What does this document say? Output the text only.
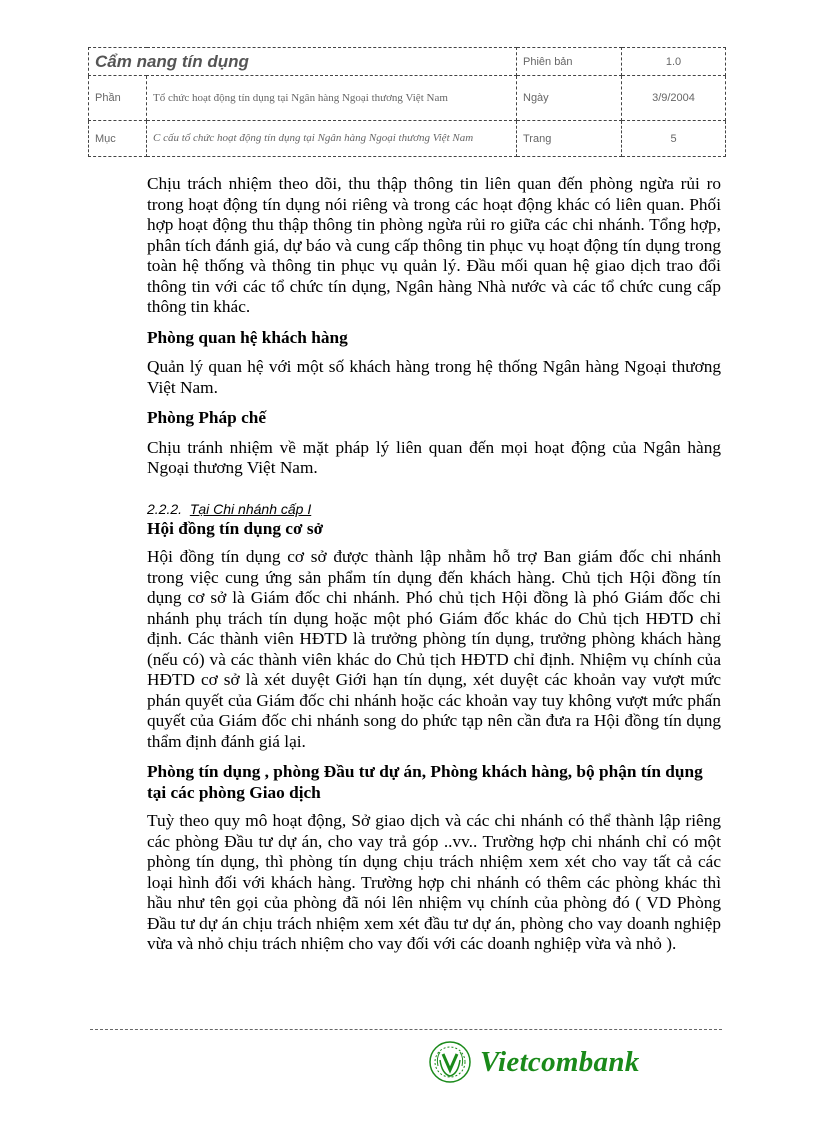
Cẩm nang tín dụng		Phiên bản	1.0
Phần	Tổ chức hoạt động tín dụng tại Ngân hàng Ngoại thương Việt Nam	Ngày	3/9/2004
Mục	C cấu tổ chức hoạt động tín dụng tại Ngân hàng Ngoại thương Việt Nam	Trang	5

Chịu trách nhiệm theo dõi, thu thập thông tin liên quan đến phòng ngừa rủi ro trong hoạt động tín dụng nói riêng và trong các hoạt động khác có liên quan. Phối hợp hoạt động thu thập thông tin phòng ngừa rủi ro giữa các chi nhánh. Tổng hợp, phân tích đánh giá, dự báo và cung cấp thông tin phục vụ hoạt động tín dụng trong toàn hệ thống và thông tin phục vụ quản lý. Đầu mối quan hệ giao dịch trao đổi thông tin với các tổ chức tín dụng, Ngân hàng Nhà nước và các tổ chức cung cấp thông tin khác.

Phòng quan hệ khách hàng

Quản lý quan hệ với một số khách hàng trong hệ thống Ngân hàng Ngoại thương Việt Nam.

Phòng Pháp chế

Chịu tránh nhiệm về mặt pháp lý liên quan đến mọi hoạt động của Ngân hàng Ngoại thương Việt Nam.

2.2.2. Tại Chi nhánh cấp I
Hội đồng tín dụng cơ sở

Hội đồng tín dụng cơ sở được thành lập nhằm hỗ trợ Ban giám đốc chi nhánh trong việc cung ứng sản phẩm tín dụng đến khách hàng. Chủ tịch Hội đồng tín dụng cơ sở là Giám đốc chi nhánh. Phó chủ tịch Hội đồng là phó Giám đốc chi nhánh phụ trách tín dụng hoặc một phó Giám đốc khác do Chủ tịch HĐTD chỉ định. Các thành viên HĐTD là trưởng phòng tín dụng, trưởng phòng khách hàng (nếu có) và các thành viên khác do Chủ tịch HĐTD chỉ định. Nhiệm vụ chính của HĐTD cơ sở là xét duyệt Giới hạn tín dụng, xét duyệt các khoản vay vượt mức phán quyết của Giám đốc chi nhánh hoặc các khoản vay tuy không vượt mức phấn quyết của Giám đốc chi nhánh song do phức tạp nên cần đưa ra Hội đồng tín dụng thẩm định đánh giá lại.

Phòng tín dụng , phòng Đầu tư dự án, Phòng khách hàng, bộ phận tín dụng tại các phòng Giao dịch

Tuỳ theo quy mô hoạt động, Sở giao dịch và các chi nhánh có thể thành lập riêng các phòng Đầu tư dự án, cho vay trả góp ..vv.. Trường hợp chi nhánh chỉ có một phòng tín dụng, thì phòng tín dụng chịu trách nhiệm xem xét cho vay tất cả các loại hình đối với khách hàng. Trường hợp chi nhánh có thêm các phòng khác thì hầu như tên gọi của phòng đã nói lên nhiệm vụ chính của phòng đó ( VD Phòng Đầu tư dự án chịu trách nhiệm xem xét đầu tư dự án, phòng cho vay doanh nghiệp vừa và nhỏ chịu trách nhiệm cho vay đối với các doanh nghiệp vừa và nhỏ ).

Vietcombank
